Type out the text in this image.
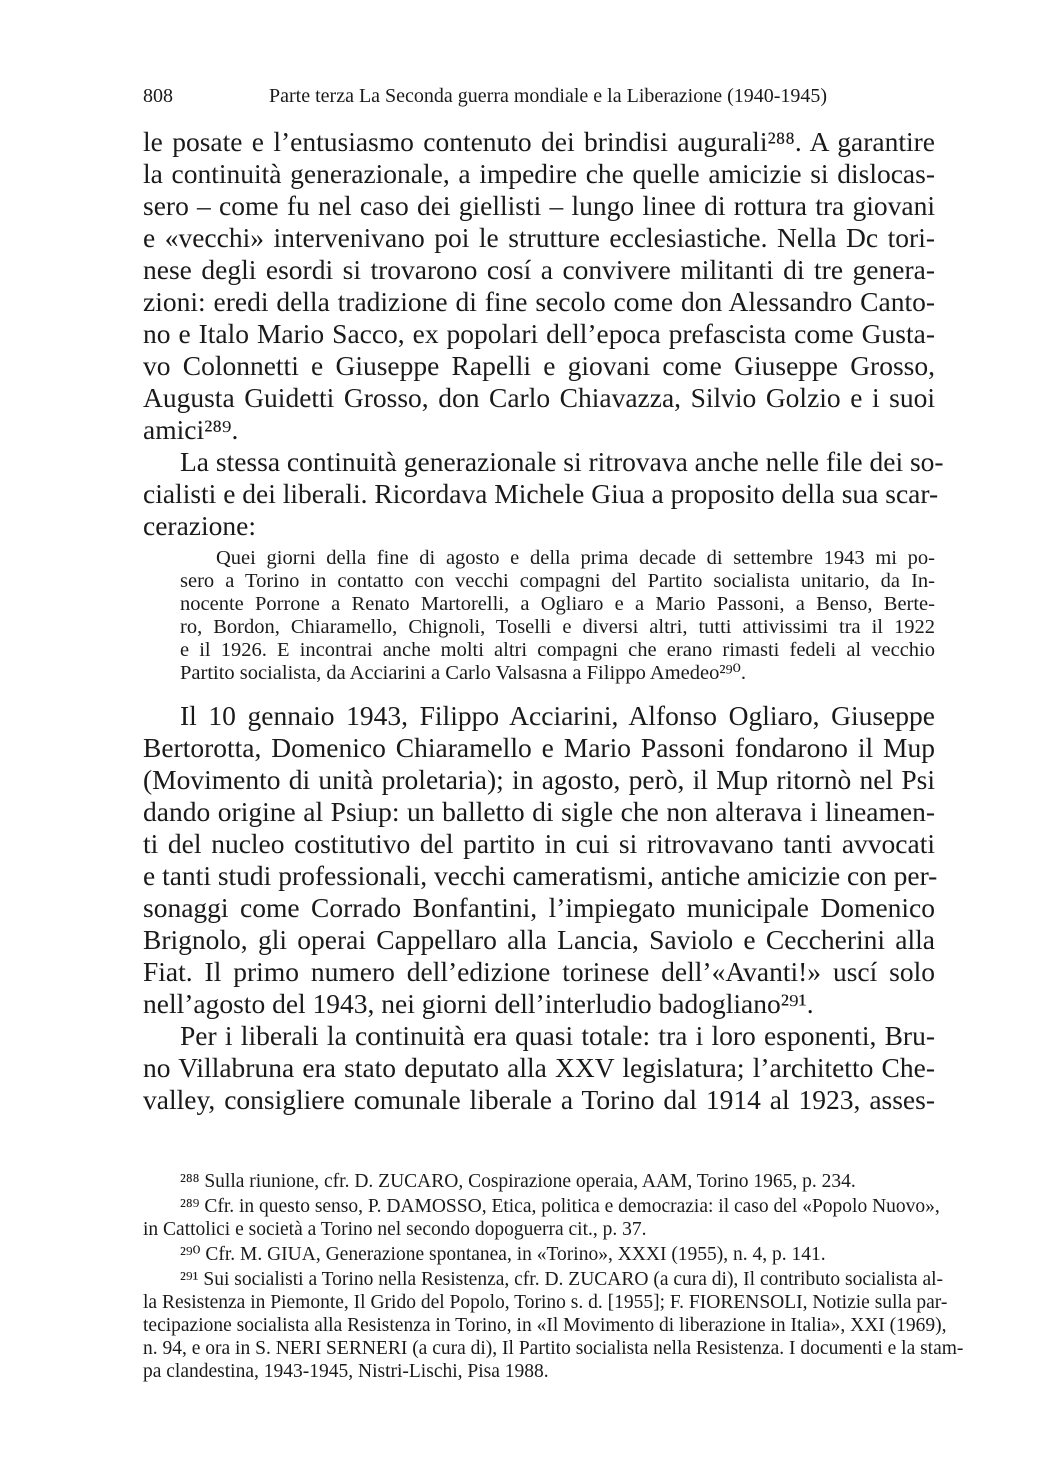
808	Parte terza La Seconda guerra mondiale e la Liberazione (1940-1945)
le posate e l’entusiasmo contenuto dei brindisi augurali²⁸⁸. A garantire
la continuità generazionale, a impedire che quelle amicizie si dislocas-
sero – come fu nel caso dei giellisti – lungo linee di rottura tra giovani
e «vecchi» intervenivano poi le strutture ecclesiastiche. Nella Dc tori-
nese degli esordi si trovarono cosí a convivere militanti di tre genera-
zioni: eredi della tradizione di fine secolo come don Alessandro Canto-
no e Italo Mario Sacco, ex popolari dell’epoca prefascista come Gusta-
vo Colonnetti e Giuseppe Rapelli e giovani come Giuseppe Grosso,
Augusta Guidetti Grosso, don Carlo Chiavazza, Silvio Golzio e i suoi
amici²⁸⁹.
La stessa continuità generazionale si ritrovava anche nelle file dei so-
cialisti e dei liberali. Ricordava Michele Giua a proposito della sua scar-
cerazione:
Quei giorni della fine di agosto e della prima decade di settembre 1943 mi po-
sero a Torino in contatto con vecchi compagni del Partito socialista unitario, da In-
nocente Porrone a Renato Martorelli, a Ogliaro e a Mario Passoni, a Benso, Berte-
ro, Bordon, Chiaramello, Chignoli, Toselli e diversi altri, tutti attivissimi tra il 1922
e il 1926. E incontrai anche molti altri compagni che erano rimasti fedeli al vecchio
Partito socialista, da Acciarini a Carlo Valsasna a Filippo Amedeo²⁹⁰.
Il 10 gennaio 1943, Filippo Acciarini, Alfonso Ogliaro, Giuseppe
Bertorotta, Domenico Chiaramello e Mario Passoni fondarono il Mup
(Movimento di unità proletaria); in agosto, però, il Mup ritornò nel Psi
dando origine al Psiup: un balletto di sigle che non alterava i lineamen-
ti del nucleo costitutivo del partito in cui si ritrovavano tanti avvocati
e tanti studi professionali, vecchi cameratismi, antiche amicizie con per-
sonaggi come Corrado Bonfantini, l’impiegato municipale Domenico
Brignolo, gli operai Cappellaro alla Lancia, Saviolo e Ceccherini alla
Fiat. Il primo numero dell’edizione torinese dell’«Avanti!» uscí solo
nell’agosto del 1943, nei giorni dell’interludio badogliano²⁹¹.
Per i liberali la continuità era quasi totale: tra i loro esponenti, Bru-
no Villabruna era stato deputato alla XXV legislatura; l’architetto Che-
valley, consigliere comunale liberale a Torino dal 1914 al 1923, asses-
²⁸⁸ Sulla riunione, cfr. D. ZUCARO, Cospirazione operaia, AAM, Torino 1965, p. 234.
²⁸⁹ Cfr. in questo senso, P. DAMOSSO, Etica, politica e democrazia: il caso del «Popolo Nuovo»,
in Cattolici e società a Torino nel secondo dopoguerra cit., p. 37.
²⁹⁰ Cfr. M. GIUA, Generazione spontanea, in «Torino», XXXI (1955), n. 4, p. 141.
²⁹¹ Sui socialisti a Torino nella Resistenza, cfr. D. ZUCARO (a cura di), Il contributo socialista al-
la Resistenza in Piemonte, Il Grido del Popolo, Torino s. d. [1955]; F. FIORENSOLI, Notizie sulla par-
tecipazione socialista alla Resistenza in Torino, in «Il Movimento di liberazione in Italia», XXI (1969),
n. 94, e ora in S. NERI SERNERI (a cura di), Il Partito socialista nella Resistenza. I documenti e la stam-
pa clandestina, 1943-1945, Nistri-Lischi, Pisa 1988.
